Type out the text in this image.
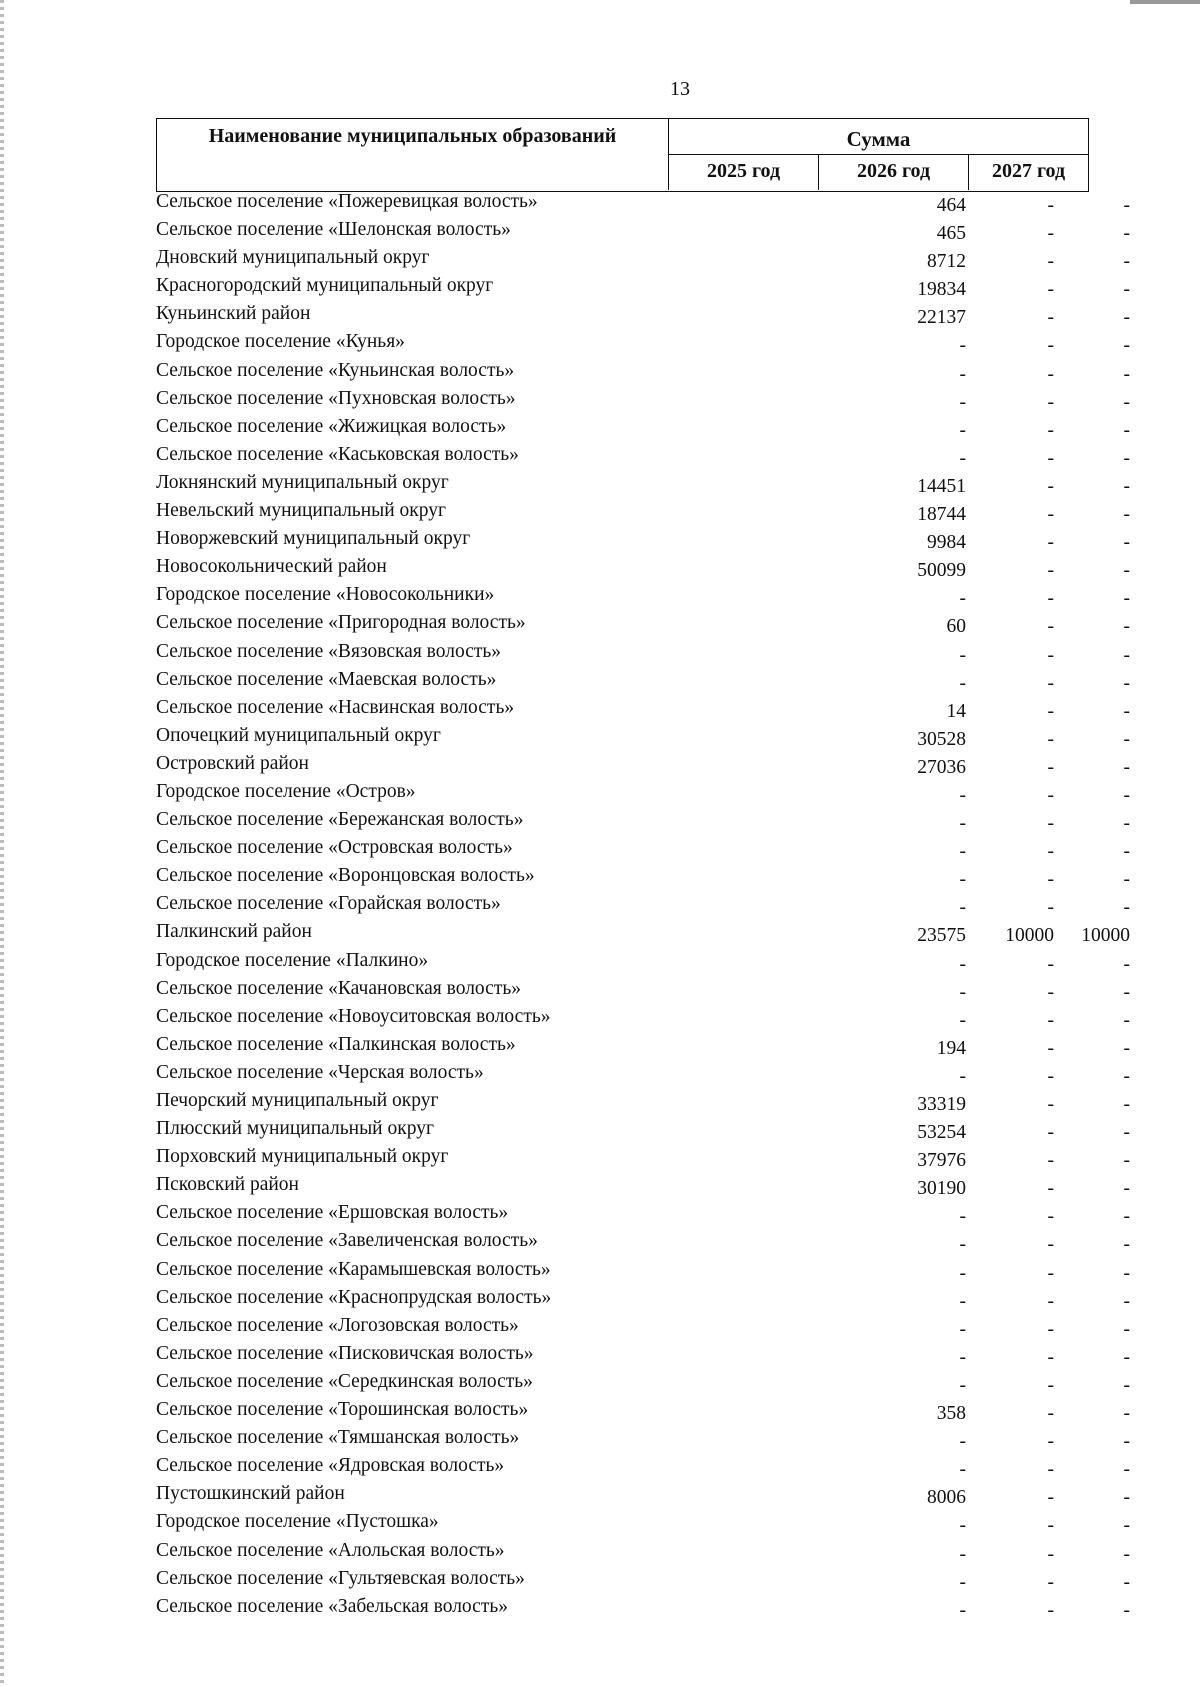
13
Наименование муниципальных образований	Сумма
2025 год	2026 год	2027 год
Сельское поселение «Пожеревицкая волость»	464	-	-
Сельское поселение «Шелонская волость»	465	-	-
Дновский муниципальный округ	8712	-	-
Красногородский муниципальный округ	19834	-	-
Куньинский район	22137	-	-
Городское поселение «Кунья»	-	-	-
Сельское поселение «Куньинская волость»	-	-	-
Сельское поселение «Пухновская волость»	-	-	-
Сельское поселение «Жижицкая волость»	-	-	-
Сельское поселение «Каськовская волость»	-	-	-
Локнянский муниципальный округ	14451	-	-
Невельский муниципальный округ	18744	-	-
Новоржевский муниципальный округ	9984	-	-
Новосокольнический район	50099	-	-
Городское поселение «Новосокольники»	-	-	-
Сельское поселение «Пригородная волость»	60	-	-
Сельское поселение «Вязовская волость»	-	-	-
Сельское поселение «Маевская волость»	-	-	-
Сельское поселение «Насвинская волость»	14	-	-
Опочецкий муниципальный округ	30528	-	-
Островский район	27036	-	-
Городское поселение «Остров»	-	-	-
Сельское поселение «Бережанская волость»	-	-	-
Сельское поселение «Островская волость»	-	-	-
Сельское поселение «Воронцовская волость»	-	-	-
Сельское поселение «Горайская волость»	-	-	-
Палкинский район	23575	10000	10000
Городское поселение «Палкино»	-	-	-
Сельское поселение «Качановская волость»	-	-	-
Сельское поселение «Новоуситовская волость»	-	-	-
Сельское поселение «Палкинская волость»	194	-	-
Сельское поселение «Черская волость»	-	-	-
Печорский муниципальный округ	33319	-	-
Плюсский муниципальный округ	53254	-	-
Порховский муниципальный округ	37976	-	-
Псковский район	30190	-	-
Сельское поселение «Ершовская волость»	-	-	-
Сельское поселение «Завеличенская волость»	-	-	-
Сельское поселение «Карамышевская волость»	-	-	-
Сельское поселение «Краснопрудская волость»	-	-	-
Сельское поселение «Логозовская волость»	-	-	-
Сельское поселение «Писковичская волость»	-	-	-
Сельское поселение «Середкинская волость»	-	-	-
Сельское поселение «Торошинская волость»	358	-	-
Сельское поселение «Тямшанская волость»	-	-	-
Сельское поселение «Ядровская волость»	-	-	-
Пустошкинский район	8006	-	-
Городское поселение «Пустошка»	-	-	-
Сельское поселение «Алольская волость»	-	-	-
Сельское поселение «Гультяевская волость»	-	-	-
Сельское поселение «Забельская волость»	-	-	-
